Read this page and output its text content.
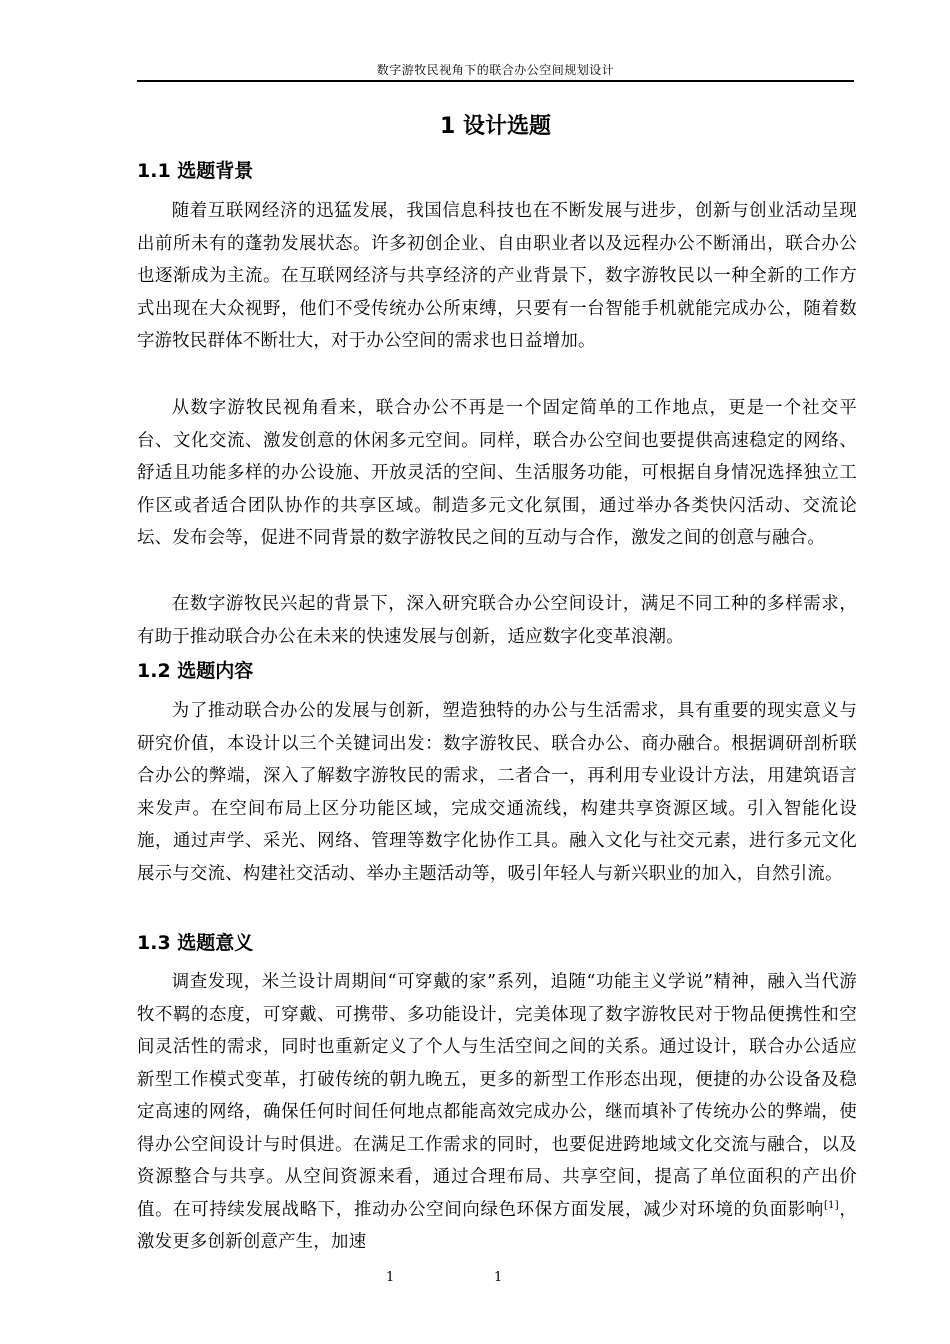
数字游牧民视角下的联合办公空间规划设计
1 设计选题
1.1 选题背景

随着互联网经济的迅猛发展，我国信息科技也在不断发展与进步，创新与创业活动呈现出前所未有的蓬勃发展状态。许多初创企业、自由职业者以及远程办公不断涌出，联合办公也逐渐成为主流。在互联网经济与共享经济的产业背景下，数字游牧民以一种全新的工作方式出现在大众视野，他们不受传统办公所束缚，只要有一台智能手机就能完成办公，随着数字游牧民群体不断壮大，对于办公空间的需求也日益增加。

从数字游牧民视角看来，联合办公不再是一个固定简单的工作地点，更是一个社交平台、文化交流、激发创意的休闲多元空间。同样，联合办公空间也要提供高速稳定的网络、舒适且功能多样的办公设施、开放灵活的空间、生活服务功能，可根据自身情况选择独立工作区或者适合团队协作的共享区域。制造多元文化氛围，通过举办各类快闪活动、交流论坛、发布会等，促进不同背景的数字游牧民之间的互动与合作，激发之间的创意与融合。

在数字游牧民兴起的背景下，深入研究联合办公空间设计，满足不同工种的多样需求，有助于推动联合办公在未来的快速发展与创新，适应数字化变革浪潮。

1.2 选题内容

为了推动联合办公的发展与创新，塑造独特的办公与生活需求，具有重要的现实意义与研究价值，本设计以三个关键词出发：数字游牧民、联合办公、商办融合。根据调研剖析联合办公的弊端，深入了解数字游牧民的需求，二者合一，再利用专业设计方法，用建筑语言来发声。在空间布局上区分功能区域，完成交通流线，构建共享资源区域。引入智能化设施，通过声学、采光、网络、管理等数字化协作工具。融入文化与社交元素，进行多元文化展示与交流、构建社交活动、举办主题活动等，吸引年轻人与新兴职业的加入，自然引流。

1.3 选题意义

调查发现，米兰设计周期间“可穿戴的家”系列，追随“功能主义学说”精神，融入当代游牧不羁的态度，可穿戴、可携带、多功能设计，完美体现了数字游牧民对于物品便携性和空间灵活性的需求，同时也重新定义了个人与生活空间之间的关系。通过设计，联合办公适应新型工作模式变革，打破传统的朝九晚五，更多的新型工作形态出现，便捷的办公设备及稳定高速的网络，确保任何时间任何地点都能高效完成办公，继而填补了传统办公的弊端，使得办公空间设计与时俱进。在满足工作需求的同时，也要促进跨地域文化交流与融合，以及资源整合与共享。从空间资源来看，通过合理布局、共享空间，提高了单位面积的产出价值。在可持续发展战略下，推动办公空间向绿色环保方面发展，减少对环境的负面影响[1]，激发更多创新创意产生，加速

1	1
